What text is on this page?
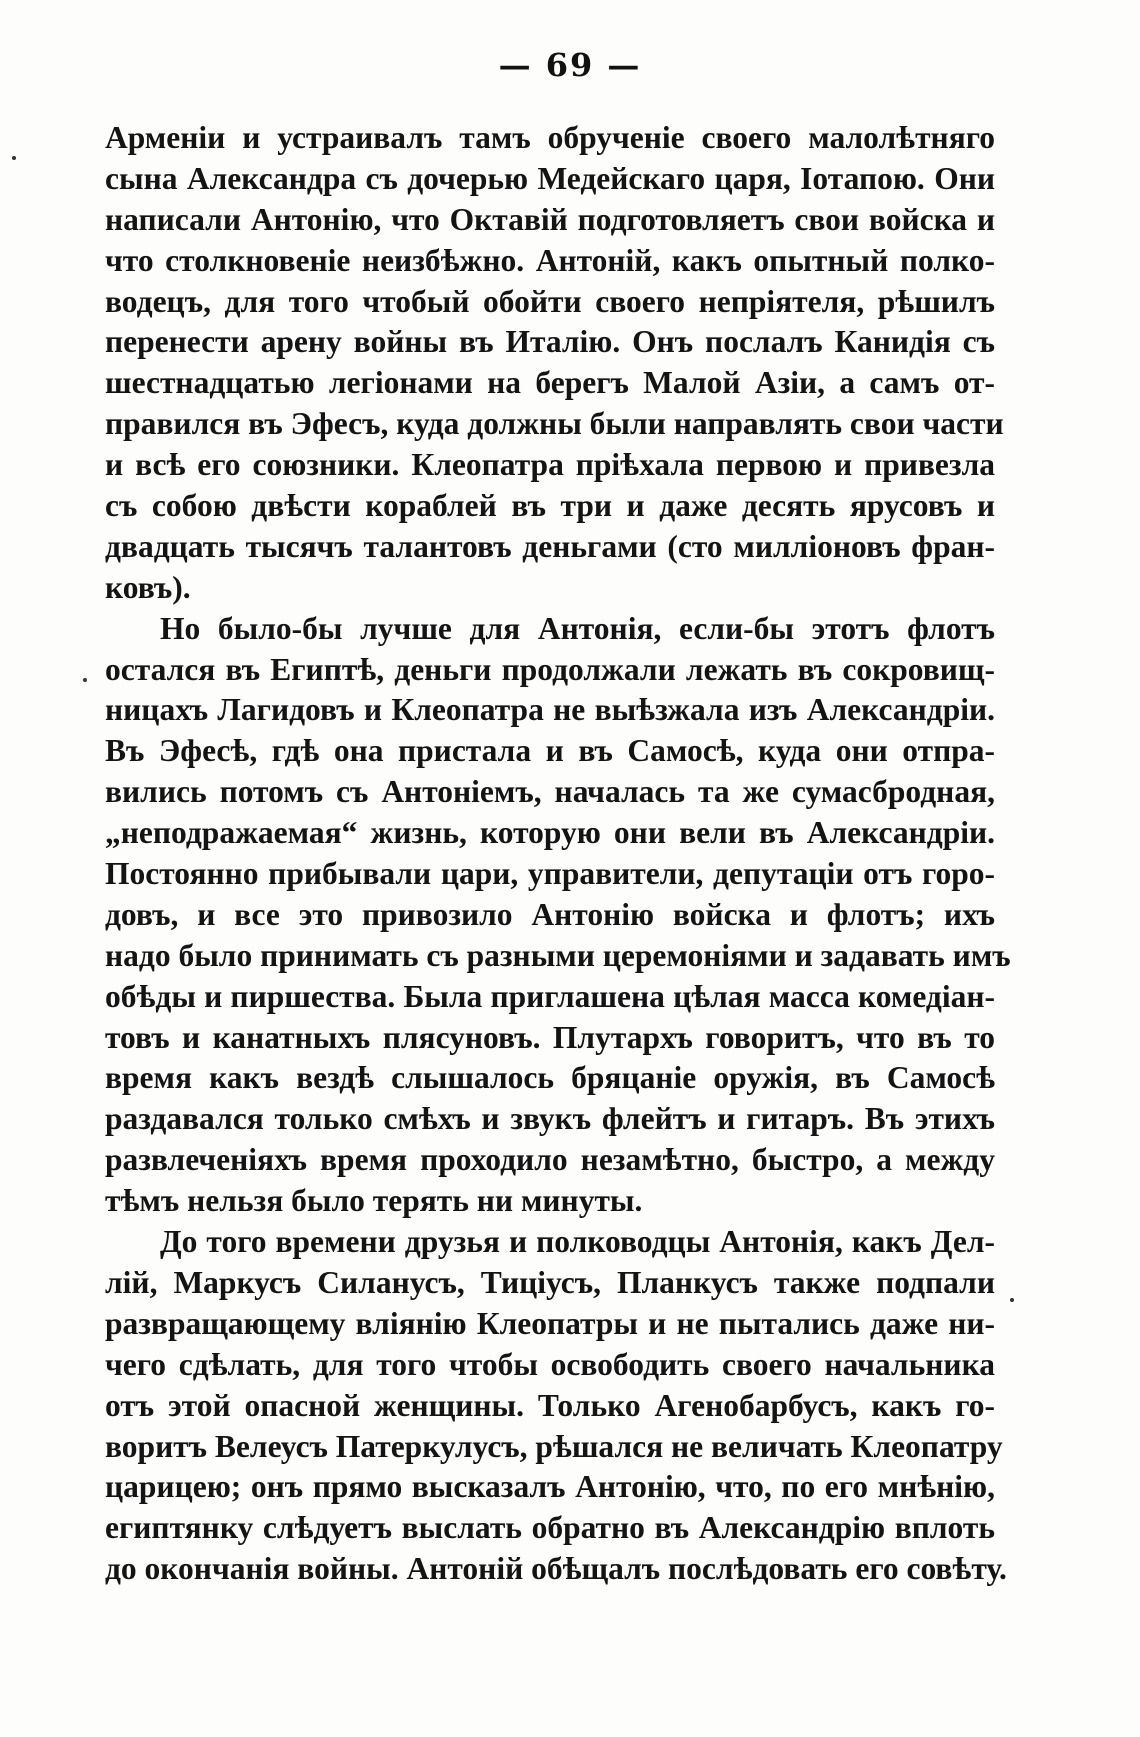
— 69 —
Арменіи и устраивалъ тамъ обрученіе своего малолѣтняго
сына Александра съ дочерью Медейскаго царя, Іотапою. Они
написали Антонію, что Октавій подготовляетъ свои войска и
что столкновеніе неизбѣжно. Антоній, какъ опытный полко-
водецъ, для того чтобый обойти своего непріятеля, рѣшилъ
перенести арену войны въ Италію. Онъ послалъ Канидія съ
шестнадцатью легіонами на берегъ Малой Азіи, а самъ от-
правился въ Эфесъ, куда должны были направлять свои части
и всѣ его союзники. Клеопатра пріѣхала первою и привезла
съ собою двѣсти кораблей въ три и даже десять ярусовъ и
двадцать тысячъ талантовъ деньгами (сто милліоновъ фран-
ковъ).
Но было-бы лучше для Антонія, если-бы этотъ флотъ
остался въ Египтѣ, деньги продолжали лежать въ сокровищ-
ницахъ Лагидовъ и Клеопатра не выѣзжала изъ Александріи.
Въ Эфесѣ, гдѣ она пристала и въ Самосѣ, куда они отпра-
вились потомъ съ Антоніемъ, началась та же сумасбродная,
„неподражаемая“ жизнь, которую они вели въ Александріи.
Постоянно прибывали цари, управители, депутаціи отъ горо-
довъ, и все это привозило Антонію войска и флотъ; ихъ
надо было принимать съ разными церемоніями и задавать имъ
обѣды и пиршества. Была приглашена цѣлая масса комедіан-
товъ и канатныхъ плясуновъ. Плутархъ говоритъ, что въ то
время какъ вездѣ слышалось бряцаніе оружія, въ Самосѣ
раздавался только смѣхъ и звукъ флейтъ и гитаръ. Въ этихъ
развлеченіяхъ время проходило незамѣтно, быстро, а между
тѣмъ нельзя было терять ни минуты.
До того времени друзья и полководцы Антонія, какъ Дел-
лій, Маркусъ Силанусъ, Тиціусъ, Планкусъ также подпали
развращающему вліянію Клеопатры и не пытались даже ни-
чего сдѣлать, для того чтобы освободить своего начальника
отъ этой опасной женщины. Только Агенобарбусъ, какъ го-
воритъ Велеусъ Патеркулусъ, рѣшался не величать Клеопатру
царицею; онъ прямо высказалъ Антонію, что, по его мнѣнію,
египтянку слѣдуетъ выслать обратно въ Александрію вплоть
до окончанія войны. Антоній обѣщалъ послѣдовать его совѣту.
